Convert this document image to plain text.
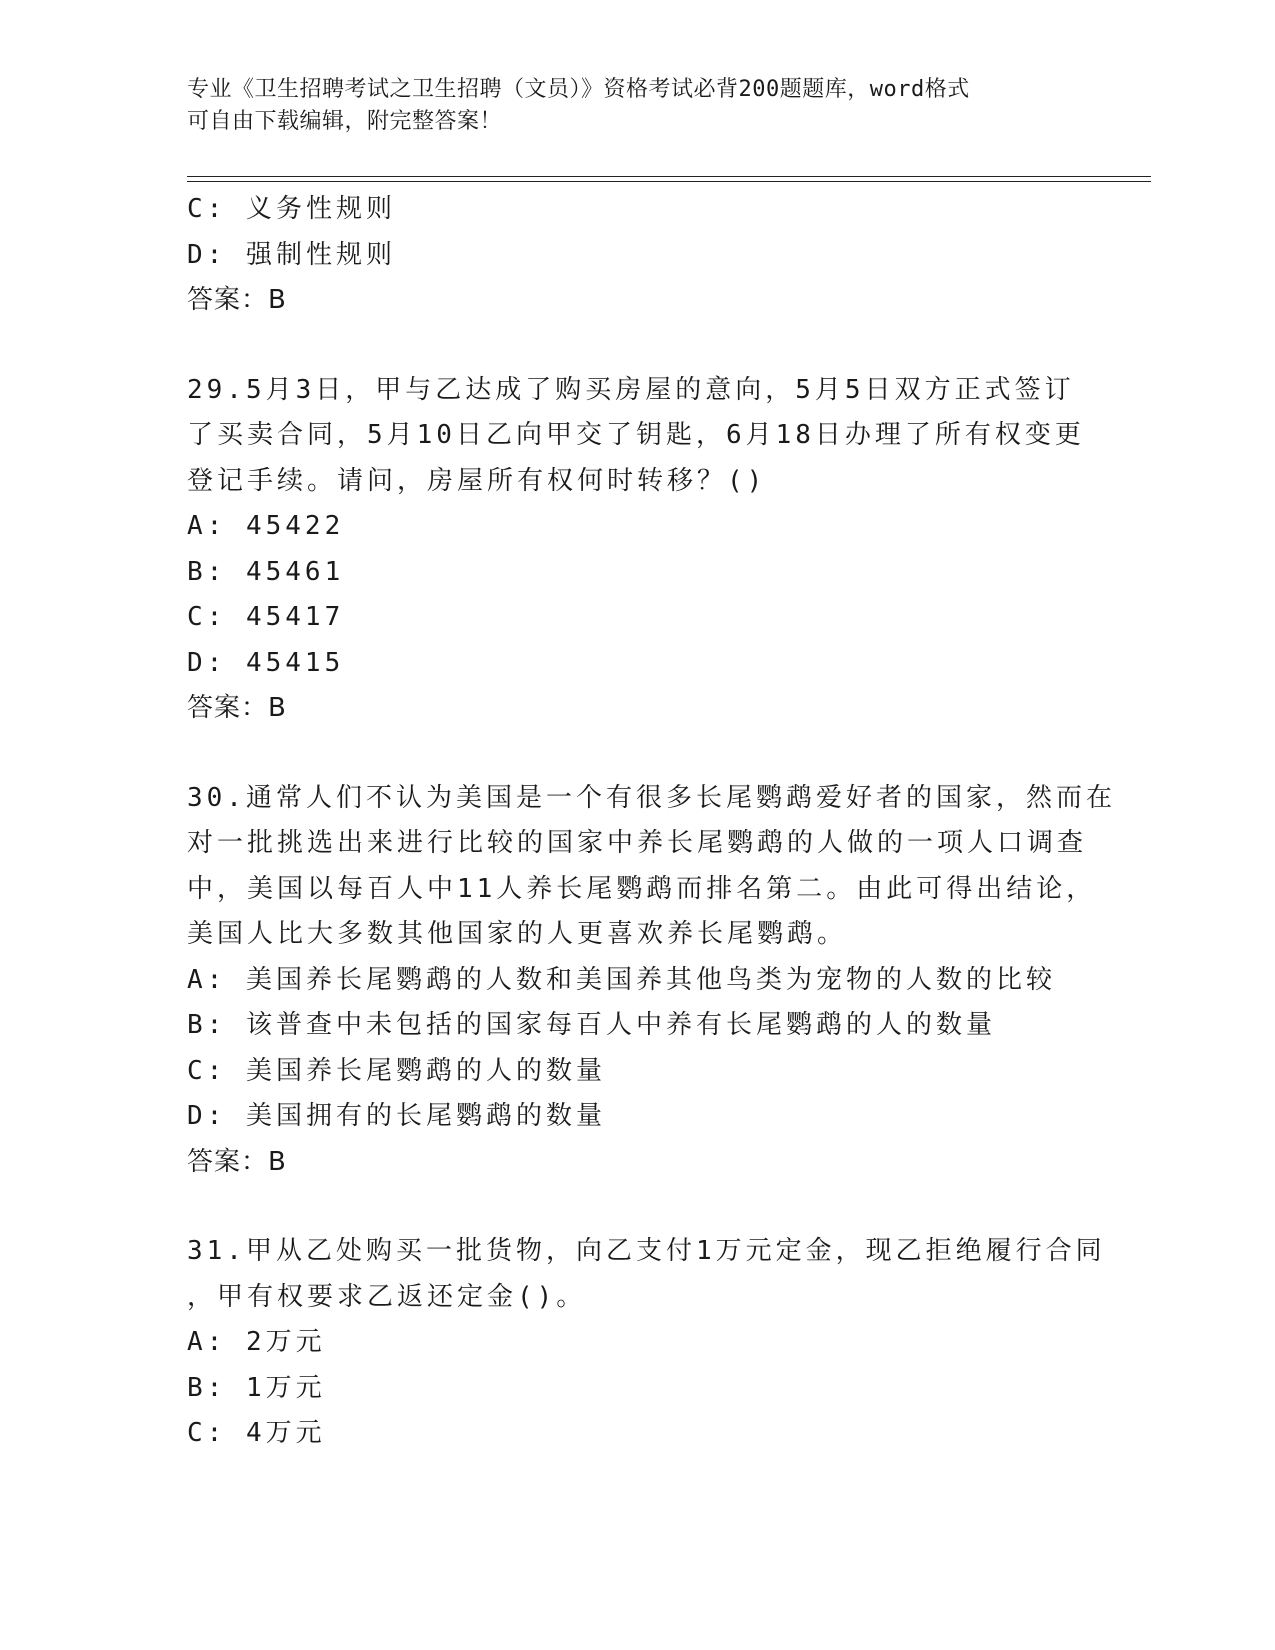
专业《卫生招聘考试之卫生招聘（文员）》资格考试必背200题题库，word格式
可自由下载编辑，附完整答案！
C: 义务性规则
D: 强制性规则
答案：B
29.5月3日，甲与乙达成了购买房屋的意向，5月5日双方正式签订
了买卖合同，5月10日乙向甲交了钥匙，6月18日办理了所有权变更
登记手续。请问，房屋所有权何时转移？()
A: 45422
B: 45461
C: 45417
D: 45415
答案：B
30.通常人们不认为美国是一个有很多长尾鹦鹉爱好者的国家，然而在
对一批挑选出来进行比较的国家中养长尾鹦鹉的人做的一项人口调查
中，美国以每百人中11人养长尾鹦鹉而排名第二。由此可得出结论，
美国人比大多数其他国家的人更喜欢养长尾鹦鹉。
A: 美国养长尾鹦鹉的人数和美国养其他鸟类为宠物的人数的比较
B: 该普查中未包括的国家每百人中养有长尾鹦鹉的人的数量
C: 美国养长尾鹦鹉的人的数量
D: 美国拥有的长尾鹦鹉的数量
答案：B
31.甲从乙处购买一批货物，向乙支付1万元定金，现乙拒绝履行合同
，甲有权要求乙返还定金()。
A: 2万元
B: 1万元
C: 4万元
